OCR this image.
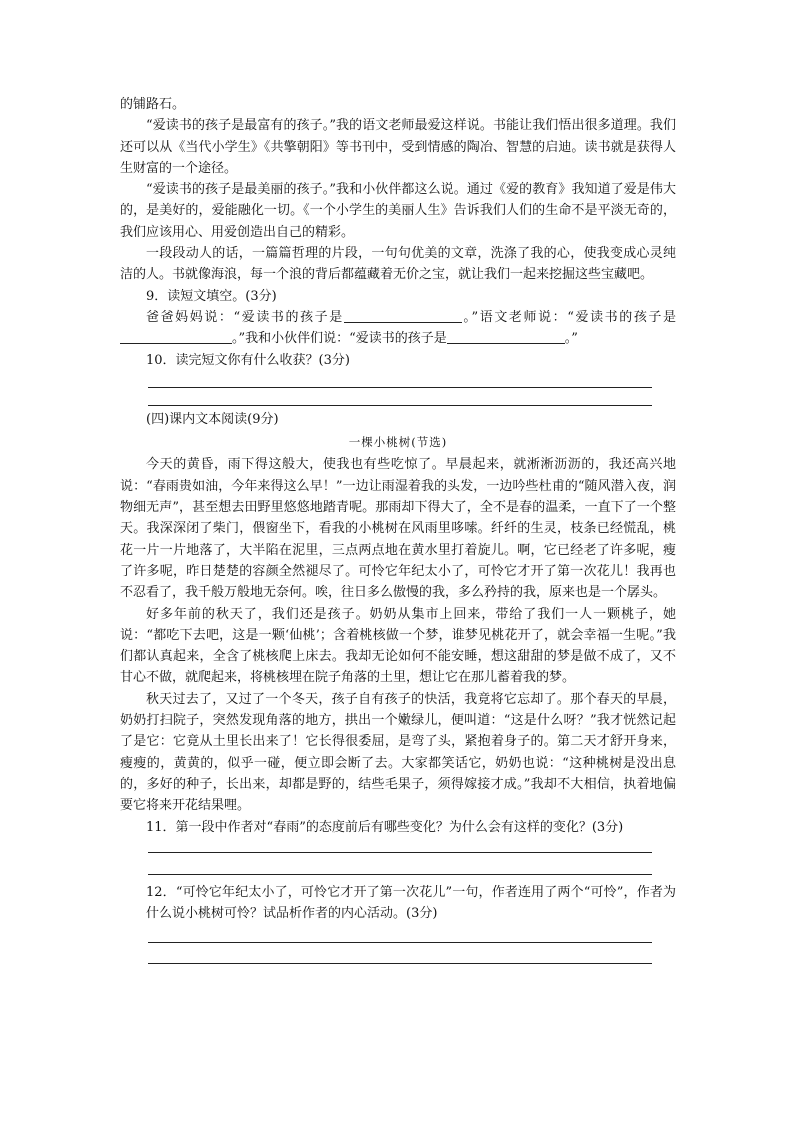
的铺路石。

“爱读书的孩子是最富有的孩子。”我的语文老师最爱这样说。书能让我们悟出很多道理。我们还可以从《当代小学生》《共擎朝阳》等书刊中，受到情感的陶冶、智慧的启迪。读书就是获得人生财富的一个途径。

“爱读书的孩子是最美丽的孩子。”我和小伙伴都这么说。通过《爱的教育》我知道了爱是伟大的，是美好的，爱能融化一切。《一个小学生的美丽人生》告诉我们人们的生命不是平淡无奇的，我们应该用心、用爱创造出自己的精彩。

一段段动人的话，一篇篇哲理的片段，一句句优美的文章，洗涤了我的心，使我变成心灵纯洁的人。书就像海浪，每一个浪的背后都蕴藏着无价之宝，就让我们一起来挖掘这些宝藏吧。

9．读短文填空。(3分)

爸爸妈妈说：“爱读书的孩子是	。”语文老师说：“爱读书的孩子是。”我和小伙伴们说：“爱读书的孩子是	。”

10．读完短文你有什么收获？(3分)

(四)课内文本阅读(9分)

一棵小桃树(节选)

今天的黄昏，雨下得这般大，使我也有些吃惊了。早晨起来，就淅淅沥沥的，我还高兴地说：“春雨贵如油，今年来得这么早！”一边让雨湿着我的头发，一边吟些杜甫的“随风潜入夜，润物细无声”，甚至想去田野里悠悠地踏青呢。那雨却下得大了，全不是春的温柔，一直下了一个整天。我深深闭了柴门，偎窗坐下，看我的小桃树在风雨里哆嗦。纤纤的生灵，枝条已经慌乱，桃花一片一片地落了，大半陷在泥里，三点两点地在黄水里打着旋儿。啊，它已经老了许多呢，瘦了许多呢，昨日楚楚的容颜全然褪尽了。可怜它年纪太小了，可怜它才开了第一次花儿！我再也不忍看了，我千般万般地无奈何。唉，往日多么傲慢的我，多么矜持的我，原来也是一个孱头。

好多年前的秋天了，我们还是孩子。奶奶从集市上回来，带给了我们一人一颗桃子，她说：“都吃下去吧，这是一颗‘仙桃’；含着桃核做一个梦，谁梦见桃花开了，就会幸福一生呢。”我们都认真起来，全含了桃核爬上床去。我却无论如何不能安睡，想这甜甜的梦是做不成了，又不甘心不做，就爬起来，将桃核埋在院子角落的土里，想让它在那儿蓄着我的梦。

秋天过去了，又过了一个冬天，孩子自有孩子的快活，我竟将它忘却了。那个春天的早晨，奶奶打扫院子，突然发现角落的地方，拱出一个嫩绿儿，便叫道：“这是什么呀？”我才恍然记起了是它：它竟从土里长出来了！它长得很委屈，是弯了头，紧抱着身子的。第二天才舒开身来，瘦瘦的，黄黄的，似乎一碰，便立即会断了去。大家都笑话它，奶奶也说：“这种桃树是没出息的，多好的种子，长出来，却都是野的，结些毛果子，须得嫁接才成。”我却不大相信，执着地偏要它将来开花结果哩。

11．第一段中作者对“春雨”的态度前后有哪些变化？为什么会有这样的变化？(3分)

12．“可怜它年纪太小了，可怜它才开了第一次花儿”一句，作者连用了两个“可怜”，作者为什么说小桃树可怜？试品析作者的内心活动。(3分)
